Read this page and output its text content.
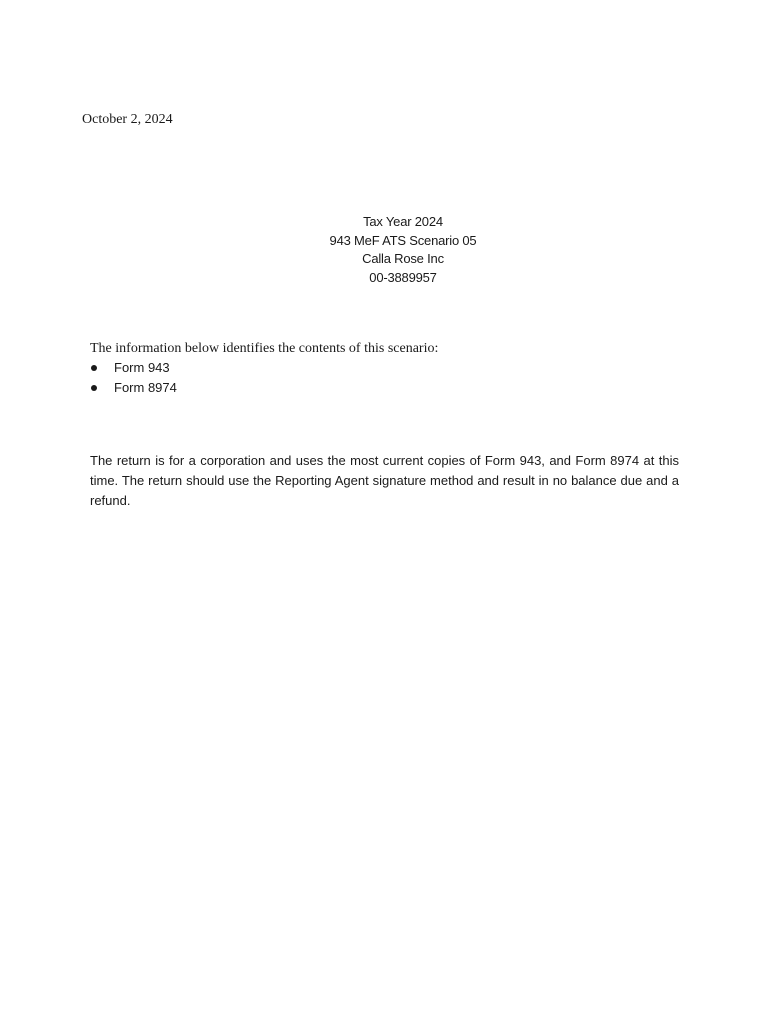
October 2, 2024
Tax Year 2024
943 MeF ATS Scenario 05
Calla Rose Inc
00-3889957
The information below identifies the contents of this scenario:
Form 943
Form 8974
The return is for a corporation and uses the most current copies of Form 943, and Form 8974 at this time. The return should use the Reporting Agent signature method and result in no balance due and a refund.
